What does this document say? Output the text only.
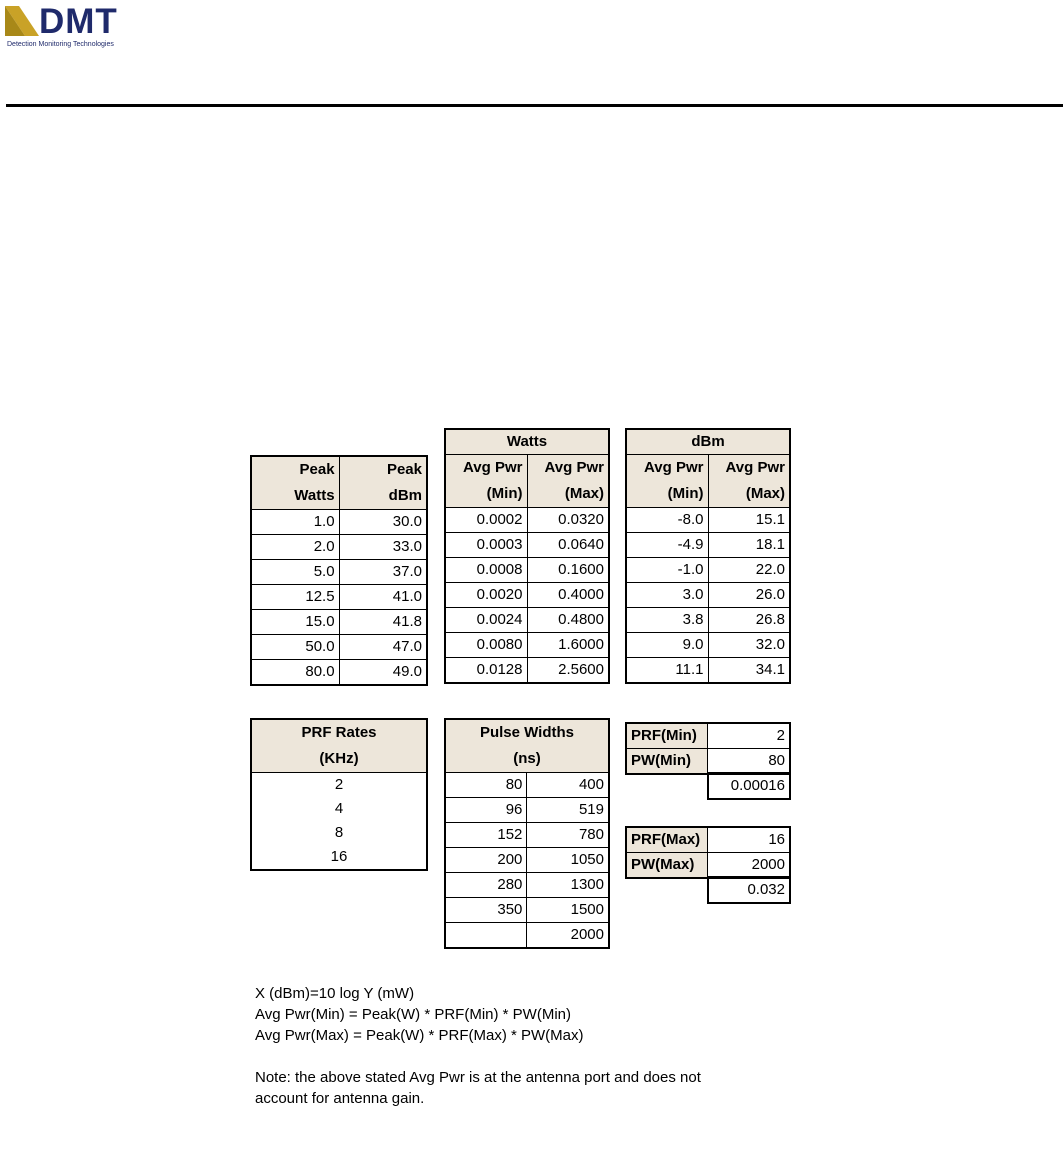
DMT
Detection Monitoring Technologies
Peak	Peak
Watts	dBm
1.0	30.0
2.0	33.0
5.0	37.0
12.5	41.0
15.0	41.8
50.0	47.0
80.0	49.0
Watts	
Avg Pwr	Avg Pwr
(Min)	(Max)
0.0002	0.0320
0.0003	0.0640
0.0008	0.1600
0.0020	0.4000
0.0024	0.4800
0.0080	1.6000
0.0128	2.5600
dBm	
Avg Pwr	Avg Pwr
(Min)	(Max)
-8.0	15.1
-4.9	18.1
-1.0	22.0
3.0	26.0
3.8	26.8
9.0	32.0
11.1	34.1
PRF Rates
(KHz)
2
4
8
16
Pulse Widths	
(ns)	
80	400
96	519
152	780
200	1050
280	1300
350	1500
	2000
PRF(Min)	2
PW(Min)	80
0.00016
PRF(Max)	16
PW(Max)	2000
0.032
X (dBm)=10 log Y (mW)
Avg Pwr(Min) = Peak(W) * PRF(Min) * PW(Min)
Avg Pwr(Max) = Peak(W) * PRF(Max) * PW(Max)
Note: the above stated Avg Pwr is at the antenna port and does not
account for antenna gain.
